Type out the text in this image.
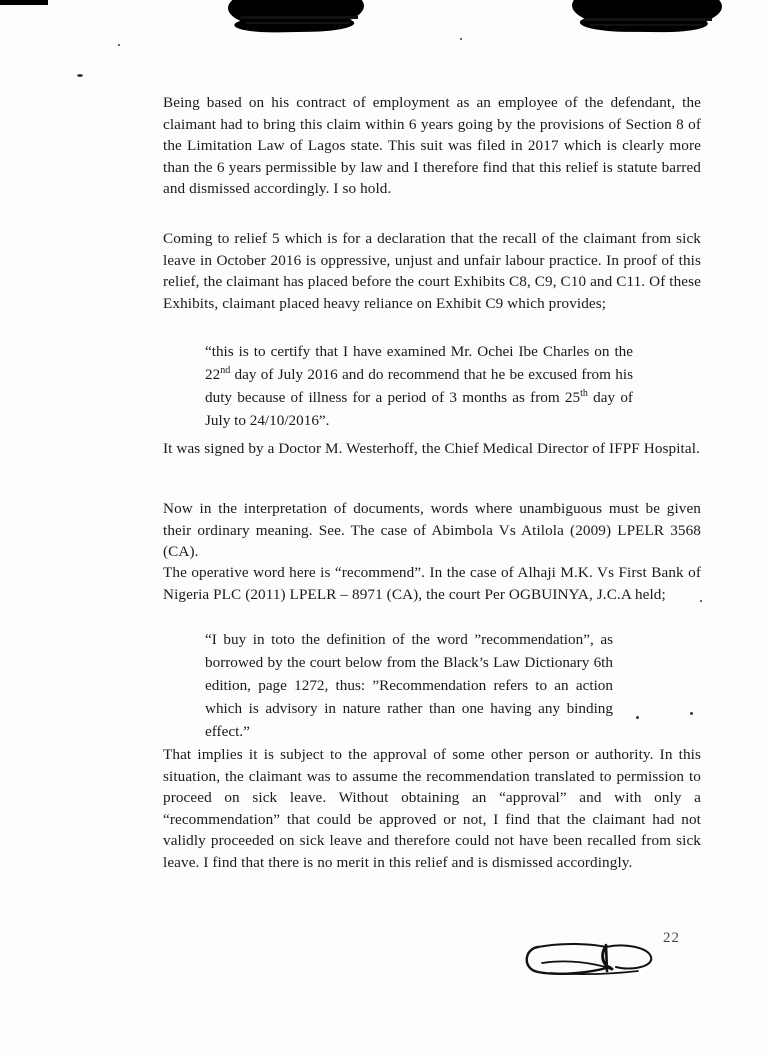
Being based on his contract of employment as an employee of the defendant, the claimant had to bring this claim within 6 years going by the provisions of Section 8 of the Limitation Law of Lagos state. This suit was filed in 2017 which is clearly more than the 6 years permissible by law and I therefore find that this relief is statute barred and dismissed accordingly. I so hold.
Coming to relief 5 which is for a declaration that the recall of the claimant from sick leave in October 2016 is oppressive, unjust and unfair labour practice. In proof of this relief, the claimant has placed before the court Exhibits C8, C9, C10 and C11. Of these Exhibits, claimant placed heavy reliance on Exhibit C9 which provides;
“this is to certify that I have examined Mr. Ochei Ibe Charles on the 22nd day of July 2016 and do recommend that he be excused from his duty because of illness for a period of 3 months as from 25th day of July to 24/10/2016”.
It was signed by a Doctor M. Westerhoff, the Chief Medical Director of IFPF Hospital.
Now in the interpretation of documents, words where unambiguous must be given their ordinary meaning. See. The case of Abimbola Vs Atilola (2009) LPELR 3568 (CA).
The operative word here is “recommend”. In the case of Alhaji M.K. Vs First Bank of Nigeria PLC (2011) LPELR – 8971 (CA), the court Per OGBUINYA, J.C.A held;
“I buy in toto the definition of the word ”recommendation”, as borrowed by the court below from the Black’s Law Dictionary 6th edition, page 1272, thus: ”Recommendation refers to an action which is advisory in nature rather than one having any binding effect.”
That implies it is subject to the approval of some other person or authority. In this situation, the claimant was to assume the recommendation translated to permission to proceed on sick leave. Without obtaining an “approval” and with only a “recommendation” that could be approved or not, I find that the claimant had not validly proceeded on sick leave and therefore could not have been recalled from sick leave. I find that there is no merit in this relief and is dismissed accordingly.
22
